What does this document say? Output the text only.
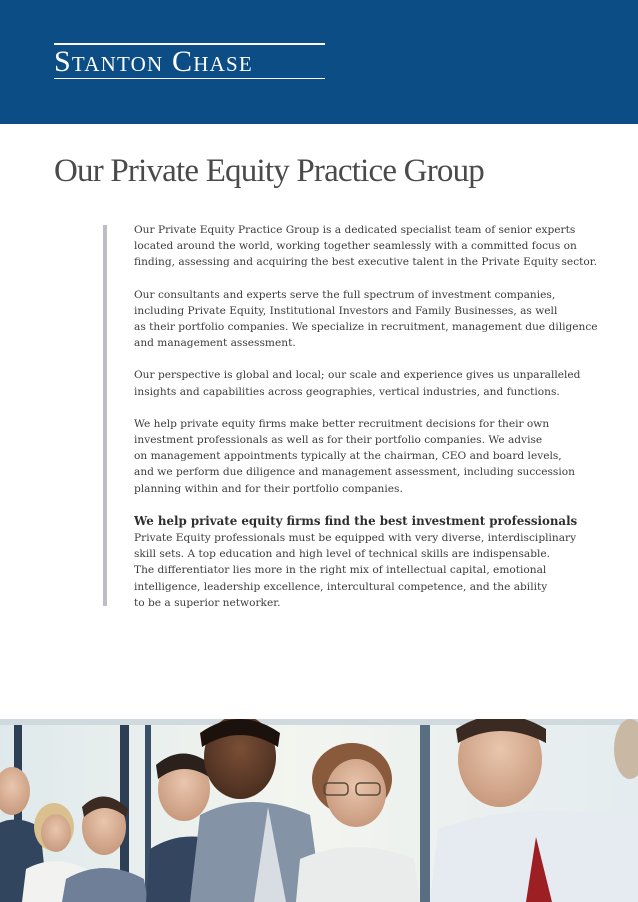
Stanton Chase
Our Private Equity Practice Group

Our Private Equity Practice Group is a dedicated specialist team of senior experts
located around the world, working together seamlessly with a committed focus on
finding, assessing and acquiring the best executive talent in the Private Equity sector.

Our consultants and experts serve the full spectrum of investment companies,
including Private Equity, Institutional Investors and Family Businesses, as well
as their portfolio companies. We specialize in recruitment, management due diligence
and management assessment.

Our perspective is global and local; our scale and experience gives us unparalleled
insights and capabilities across geographies, vertical industries, and functions.

We help private equity firms make better recruitment decisions for their own
investment professionals as well as for their portfolio companies. We advise
on management appointments typically at the chairman, CEO and board levels,
and we perform due diligence and management assessment, including succession
planning within and for their portfolio companies.

We help private equity firms find the best investment professionals
Private Equity professionals must be equipped with very diverse, interdisciplinary
skill sets. A top education and high level of technical skills are indispensable.
The differentiator lies more in the right mix of intellectual capital, emotional
intelligence, leadership excellence, intercultural competence, and the ability
to be a superior networker.
